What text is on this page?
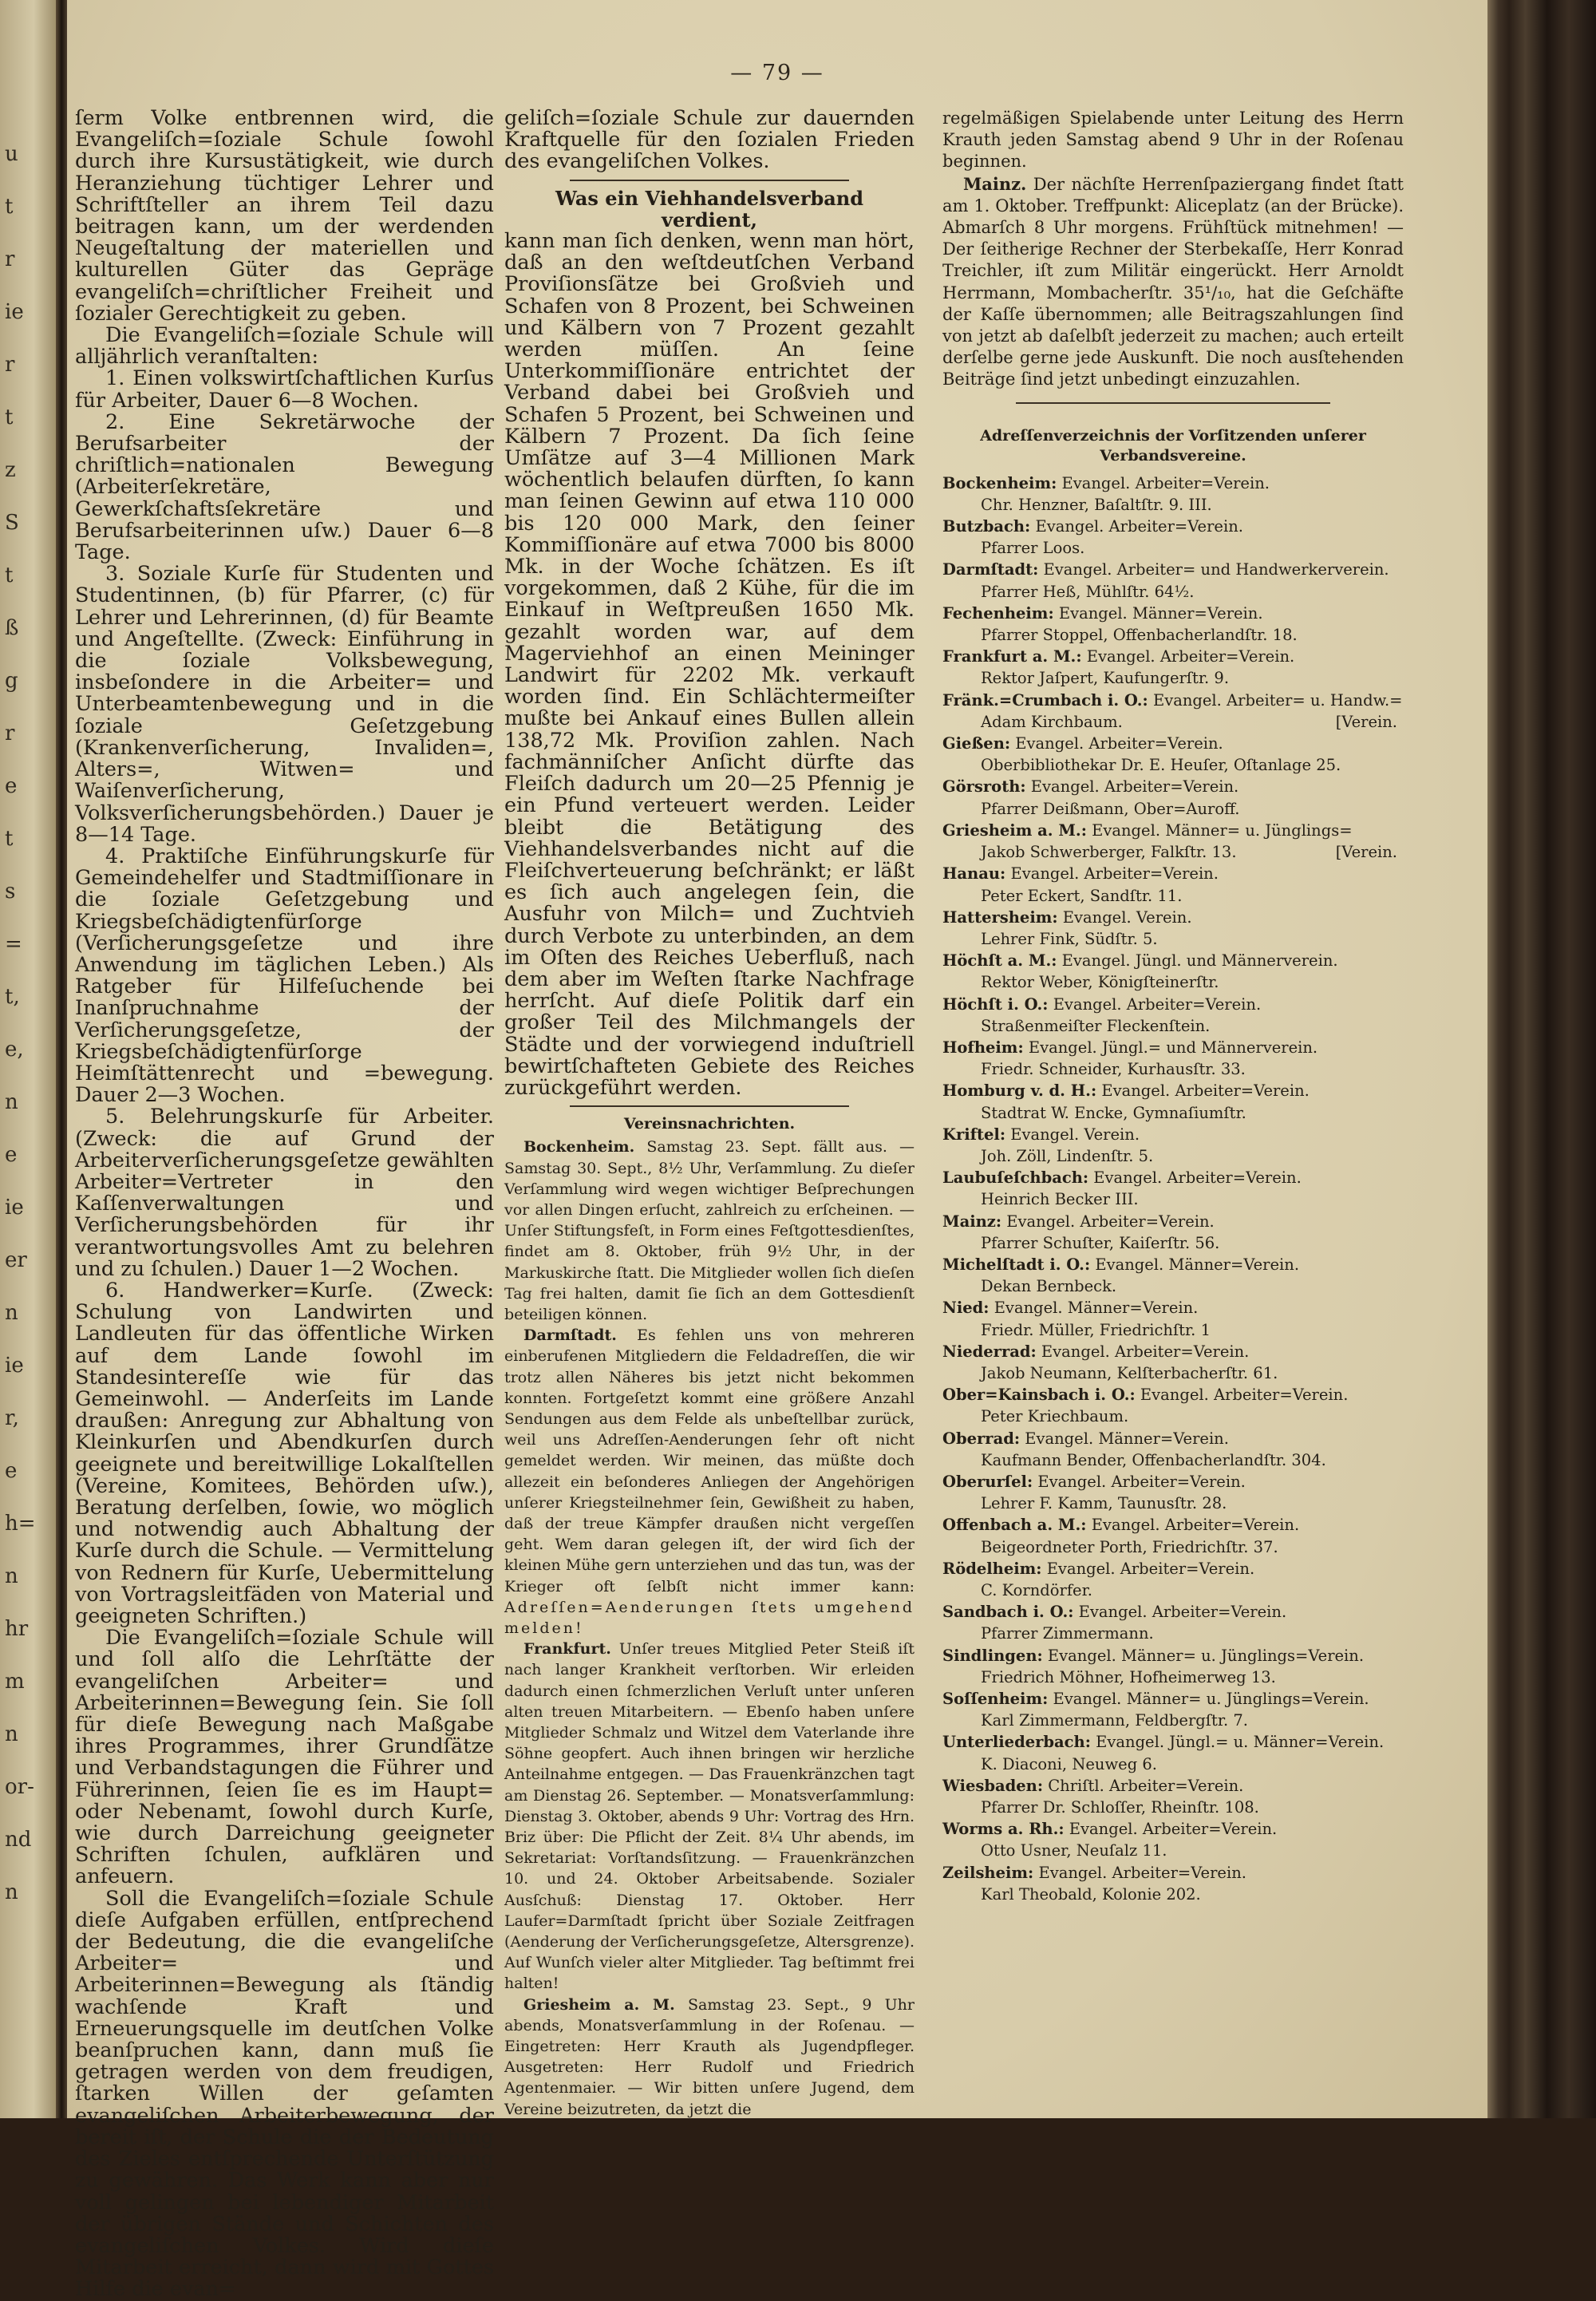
u
t
r
ie
r
t
z
S
t
ß
g
r
e
t
s
=
t,
e,
n
e
ie
er
n
ie
r,
e
h=
n
hr
m
n
or-
nd
n
— 79 —

ſerm Volke entbrennen wird, die Evangeliſch=ſoziale Schule ſowohl durch ihre Kursustätigkeit, wie durch Heranziehung tüchtiger Lehrer und Schriftſteller an ihrem Teil dazu beitragen kann, um der werdenden Neugeſtaltung der materiellen und kulturellen Güter das Gepräge evangeliſch=chriſtlicher Freiheit und ſozialer Gerechtigkeit zu geben.

Die Evangeliſch=ſoziale Schule will alljährlich veranſtalten:

1. Einen volkswirtſchaftlichen Kurſus für Arbeiter, Dauer 6—8 Wochen.

2. Eine Sekretärwoche der Berufsarbeiter der chriſtlich=nationalen Bewegung (Arbeiterſekretäre, Gewerkſchaftsſekretäre und Berufsarbeiterinnen uſw.) Dauer 6—8 Tage.

3. Soziale Kurſe für Studenten und Studentinnen, (b) für Pfarrer, (c) für Lehrer und Lehrerinnen, (d) für Beamte und Angeſtellte. (Zweck: Einführung in die ſoziale Volksbewegung, insbeſondere in die Arbeiter= und Unterbeamtenbewegung und in die ſoziale Geſetzgebung (Krankenverſicherung, Invaliden=, Alters=, Witwen= und Waiſenverſicherung, Volksverſicherungsbehörden.) Dauer je 8—14 Tage.

4. Praktiſche Einführungskurſe für Gemeindehelfer und Stadtmiſſionare in die ſoziale Geſetzgebung und Kriegsbeſchädigtenfürſorge (Verſicherungsgeſetze und ihre Anwendung im täglichen Leben.) Als Ratgeber für Hilfeſuchende bei Inanſpruchnahme der Verſicherungsgeſetze, der Kriegsbeſchädigtenfürſorge Heimſtättenrecht und =bewegung. Dauer 2—3 Wochen.

5. Belehrungskurſe für Arbeiter. (Zweck: die auf Grund der Arbeiterverſicherungsgeſetze gewählten Arbeiter=Vertreter in den Kaſſenverwaltungen und Verſicherungsbehörden für ihr verantwortungsvolles Amt zu belehren und zu ſchulen.) Dauer 1—2 Wochen.

6. Handwerker=Kurſe. (Zweck: Schulung von Landwirten und Landleuten für das öffentliche Wirken auf dem Lande ſowohl im Standesintereſſe wie für das Gemeinwohl. — Anderſeits im Lande draußen: Anregung zur Abhaltung von Kleinkurſen und Abendkurſen durch geeignete und bereitwillige Lokalſtellen (Vereine, Komitees, Behörden uſw.), Beratung derſelben, ſowie, wo möglich und notwendig auch Abhaltung der Kurſe durch die Schule. — Vermittelung von Rednern für Kurſe, Uebermittelung von Vortragsleitfäden von Material und geeigneten Schriften.)

Die Evangeliſch=ſoziale Schule will und ſoll alſo die Lehrſtätte der evangeliſchen Arbeiter= und Arbeiterinnen=Bewegung ſein. Sie ſoll für dieſe Bewegung nach Maßgabe ihres Programmes, ihrer Grundſätze und Verbandstagungen die Führer und Führerinnen, ſeien ſie es im Haupt= oder Nebenamt, ſowohl durch Kurſe, wie durch Darreichung geeigneter Schriften ſchulen, aufklären und anfeuern.

Soll die Evangeliſch=ſoziale Schule dieſe Aufgaben erfüllen, entſprechend der Bedeutung, die die evangeliſche Arbeiter= und Arbeiterinnen=Bewegung als ſtändig wachſende Kraft und Erneuerungsquelle im deutſchen Volke beanſpruchen kann, dann muß ſie getragen werden von dem freudigen, ſtarken Willen der geſamten evangeliſchen Arbeiterbewegung, der bereit iſt, der Schule die der Bedeutung des Zieles entſprechende Unterſtützung zu gewähren. Das Werk kann aber nur voll gelingen bei lebendiger Mitarbeit der übrigen Stände und Schichten des evangeliſchen Volkes. Wird dieſe Mitarbeit erreicht, dann wird mit Gottes Hilfe die evan=

geliſch=ſoziale Schule zur dauernden Kraftquelle für den ſozialen Frieden des evangeliſchen Volkes.

Was ein Viehhandelsverband verdient,

kann man ſich denken, wenn man hört, daß an den weſtdeutſchen Verband Proviſionsſätze bei Großvieh und Schafen von 8 Prozent, bei Schweinen und Kälbern von 7 Prozent gezahlt werden müſſen. An ſeine Unterkommiſſionäre entrichtet der Verband dabei bei Großvieh und Schafen 5 Prozent, bei Schweinen und Kälbern 7 Prozent. Da ſich ſeine Umſätze auf 3—4 Millionen Mark wöchentlich belaufen dürften, ſo kann man ſeinen Gewinn auf etwa 110 000 bis 120 000 Mark, den ſeiner Kommiſſionäre auf etwa 7000 bis 8000 Mk. in der Woche ſchätzen. Es iſt vorgekommen, daß 2 Kühe, für die im Einkauf in Weſtpreußen 1650 Mk. gezahlt worden war, auf dem Magerviehhof an einen Meininger Landwirt für 2202 Mk. verkauft worden ſind. Ein Schlächtermeiſter mußte bei Ankauf eines Bullen allein 138,72 Mk. Proviſion zahlen. Nach fachmänniſcher Anſicht dürfte das Fleiſch dadurch um 20—25 Pfennig je ein Pfund verteuert werden. Leider bleibt die Betätigung des Viehhandelsverbandes nicht auf die Fleiſchverteuerung beſchränkt; er läßt es ſich auch angelegen ſein, die Ausfuhr von Milch= und Zuchtvieh durch Verbote zu unterbinden, an dem im Oſten des Reiches Ueberfluß, nach dem aber im Weſten ſtarke Nachfrage herrſcht. Auf dieſe Politik darf ein großer Teil des Milchmangels der Städte und der vorwiegend induſtriell bewirtſchafteten Gebiete des Reiches zurückgeführt werden.

Vereinsnachrichten.

Bockenheim. Samstag 23. Sept. fällt aus. — Samstag 30. Sept., 8½ Uhr, Verſammlung. Zu dieſer Verſammlung wird wegen wichtiger Beſprechungen vor allen Dingen erſucht, zahlreich zu erſcheinen. — Unſer Stiftungsfeſt, in Form eines Feſtgottesdienſtes, findet am 8. Oktober, früh 9½ Uhr, in der Markuskirche ſtatt. Die Mitglieder wollen ſich dieſen Tag frei halten, damit ſie ſich an dem Gottesdienſt beteiligen können.

Darmſtadt. Es fehlen uns von mehreren einberufenen Mitgliedern die Feldadreſſen, die wir trotz allen Näheres bis jetzt nicht bekommen konnten. Fortgeſetzt kommt eine größere Anzahl Sendungen aus dem Felde als unbeſtellbar zurück, weil uns Adreſſen-Aenderungen ſehr oft nicht gemeldet werden. Wir meinen, das müßte doch allezeit ein beſonderes Anliegen der Angehörigen unſerer Kriegsteilnehmer ſein, Gewißheit zu haben, daß der treue Kämpfer draußen nicht vergeſſen geht. Wem daran gelegen iſt, der wird ſich der kleinen Mühe gern unterziehen und das tun, was der Krieger oft ſelbſt nicht immer kann: Adreſſen=Aenderungen ſtets umgehend melden!

Frankfurt. Unſer treues Mitglied Peter Steiß iſt nach langer Krankheit verſtorben. Wir erleiden dadurch einen ſchmerzlichen Verluſt unter unſeren alten treuen Mitarbeitern. — Ebenſo haben unſere Mitglieder Schmalz und Witzel dem Vaterlande ihre Söhne geopfert. Auch ihnen bringen wir herzliche Anteilnahme entgegen. — Das Frauenkränzchen tagt am Dienstag 26. September. — Monatsverſammlung: Dienstag 3. Oktober, abends 9 Uhr: Vortrag des Hrn. Briz über: Die Pflicht der Zeit. 8¼ Uhr abends, im Sekretariat: Vorſtandsſitzung. — Frauenkränzchen 10. und 24. Oktober Arbeitsabende. Sozialer Ausſchuß: Dienstag 17. Oktober. Herr Laufer=Darmſtadt ſpricht über Soziale Zeitfragen (Aenderung der Verſicherungsgeſetze, Altersgrenze). Auf Wunſch vieler alter Mitglieder. Tag beſtimmt frei halten!

Griesheim a. M. Samstag 23. Sept., 9 Uhr abends, Monatsverſammlung in der Roſenau. — Eingetreten: Herr Krauth als Jugendpfleger. Ausgetreten: Herr Rudolf und Friedrich Agentenmaier. — Wir bitten unſere Jugend, dem Vereine beizutreten, da jetzt die

regelmäßigen Spielabende unter Leitung des Herrn Krauth jeden Samstag abend 9 Uhr in der Roſenau beginnen.

Mainz. Der nächſte Herrenſpaziergang findet ſtatt am 1. Oktober. Treffpunkt: Aliceplatz (an der Brücke). Abmarſch 8 Uhr morgens. Frühſtück mitnehmen! — Der ſeitherige Rechner der Sterbekaſſe, Herr Konrad Treichler, iſt zum Militär eingerückt. Herr Arnoldt Herrmann, Mombacherſtr. 35¹/₁₀, hat die Geſchäfte der Kaſſe übernommen; alle Beitragszahlungen ſind von jetzt ab daſelbſt jederzeit zu machen; auch erteilt derſelbe gerne jede Auskunft. Die noch ausſtehenden Beiträge ſind jetzt unbedingt einzuzahlen.

Adreſſenverzeichnis der Vorſitzenden unſerer Verbandsvereine.
Bockenheim: Evangel. Arbeiter=Verein.
Chr. Henzner, Baſaltſtr. 9. III.
Butzbach: Evangel. Arbeiter=Verein.
Pfarrer Loos.
Darmſtadt: Evangel. Arbeiter= und Handwerkerverein.
Pfarrer Heß, Mühlſtr. 64½.
Fechenheim: Evangel. Männer=Verein.
Pfarrer Stoppel, Offenbacherlandſtr. 18.
Frankfurt a. M.: Evangel. Arbeiter=Verein.
Rektor Jaſpert, Kaufungerſtr. 9.
Fränk.=Crumbach i. O.: Evangel. Arbeiter= u. Handw.=
Adam Kirchbaum.	[Verein.
Gießen: Evangel. Arbeiter=Verein.
Oberbibliothekar Dr. E. Heuſer, Oſtanlage 25.
Görsroth: Evangel. Arbeiter=Verein.
Pfarrer Deißmann, Ober=Auroff.
Griesheim a. M.: Evangel. Männer= u. Jünglings=
Jakob Schwerberger, Falkſtr. 13.	[Verein.
Hanau: Evangel. Arbeiter=Verein.
Peter Eckert, Sandſtr. 11.
Hattersheim: Evangel. Verein.
Lehrer Fink, Südſtr. 5.
Höchſt a. M.: Evangel. Jüngl. und Männerverein.
Rektor Weber, Königſteinerſtr.
Höchſt i. O.: Evangel. Arbeiter=Verein.
Straßenmeiſter Fleckenſtein.
Hofheim: Evangel. Jüngl.= und Männerverein.
Friedr. Schneider, Kurhausſtr. 33.
Homburg v. d. H.: Evangel. Arbeiter=Verein.
Stadtrat W. Encke, Gymnaſiumſtr.
Kriftel: Evangel. Verein.
Joh. Zöll, Lindenſtr. 5.
Laubuſeſchbach: Evangel. Arbeiter=Verein.
Heinrich Becker III.
Mainz: Evangel. Arbeiter=Verein.
Pfarrer Schuſter, Kaiſerſtr. 56.
Michelſtadt i. O.: Evangel. Männer=Verein.
Dekan Bernbeck.
Nied: Evangel. Männer=Verein.
Friedr. Müller, Friedrichſtr. 1
Niederrad: Evangel. Arbeiter=Verein.
Jakob Neumann, Kelſterbacherſtr. 61.
Ober=Kainsbach i. O.: Evangel. Arbeiter=Verein.
Peter Kriechbaum.
Oberrad: Evangel. Männer=Verein.
Kaufmann Bender, Offenbacherlandſtr. 304.
Oberurſel: Evangel. Arbeiter=Verein.
Lehrer F. Kamm, Taunusſtr. 28.
Offenbach a. M.: Evangel. Arbeiter=Verein.
Beigeordneter Porth, Friedrichſtr. 37.
Rödelheim: Evangel. Arbeiter=Verein.
C. Korndörfer.
Sandbach i. O.: Evangel. Arbeiter=Verein.
Pfarrer Zimmermann.
Sindlingen: Evangel. Männer= u. Jünglings=Verein.
Friedrich Möhner, Hofheimerweg 13.
Soſſenheim: Evangel. Männer= u. Jünglings=Verein.
Karl Zimmermann, Feldbergſtr. 7.
Unterliederbach: Evangel. Jüngl.= u. Männer=Verein.
K. Diaconi, Neuweg 6.
Wiesbaden: Chriſtl. Arbeiter=Verein.
Pfarrer Dr. Schloſſer, Rheinſtr. 108.
Worms a. Rh.: Evangel. Arbeiter=Verein.
Otto Usner, Neuſalz 11.
Zeilsheim: Evangel. Arbeiter=Verein.
Karl Theobald, Kolonie 202.
